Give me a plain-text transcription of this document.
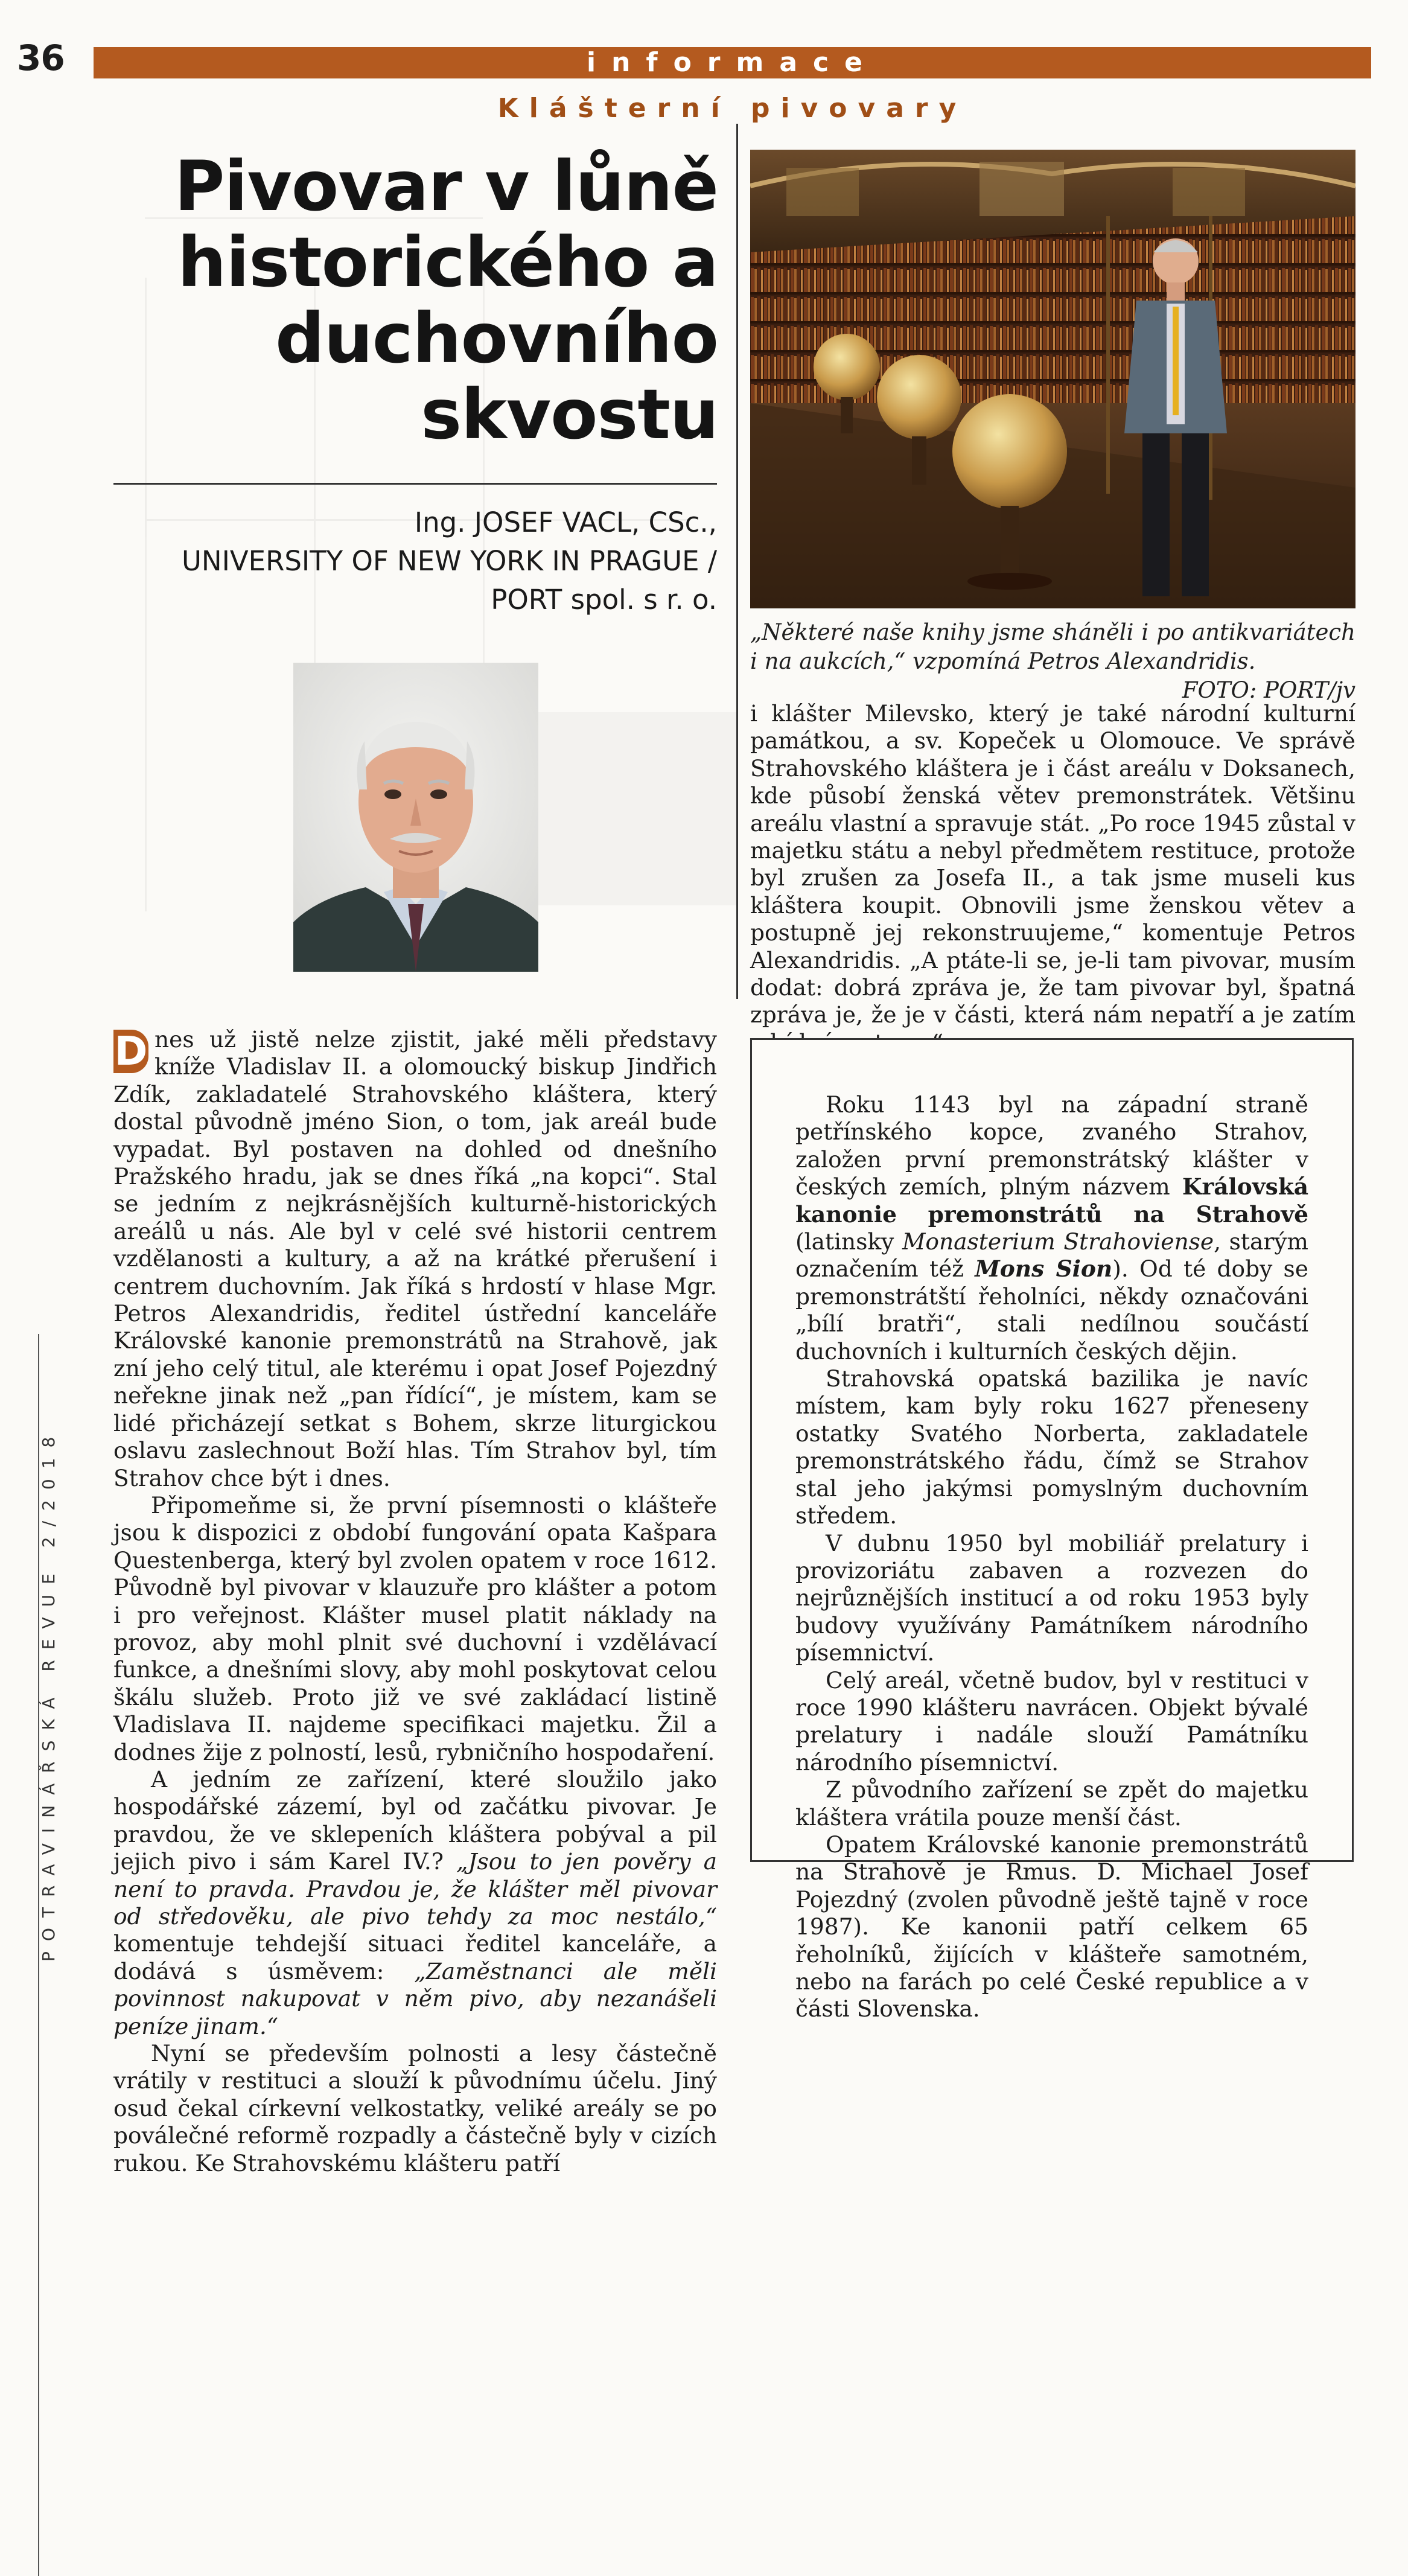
36	informace
Klášterní pivovary
Pivovar v lůně historického a duchovního skvostu
Ing. JOSEF VACL, CSc.,
UNIVERSITY OF NEW YORK IN PRAGUE /
PORT spol. s r. o.
„Některé naše knihy jsme sháněli i po antikvariátech i na aukcích,“ vzpomíná Petros Alexandridis.
FOTO: PORT/jv

i klášter Milevsko, který je také národní kulturní památkou, a sv. Kopeček u Olomouce. Ve správě Strahovského kláštera je i část areálu v Doksanech, kde působí ženská větev premonstrátek. Většinu areálu vlastní a spravuje stát. „Po roce 1945 zůstal v majetku státu a nebyl předmětem restituce, protože byl zrušen za Josefa II., a tak jsme museli kus kláštera koupit. Obnovili jsme ženskou větev a postupně jej rekonstruujeme,“ komentuje Petros Alexandridis. „A ptáte-li se, je-li tam pivovar, musím dodat: dobrá zpráva je, že tam pivovar byl, špatná zpráva je, že je v části, která nám nepatří a je zatím

D nes už jistě nelze zjistit, jaké měli představy kníže Vladislav II. a olomoucký biskup Jindřich Zdík, zakladatelé Strahovského kláštera, který dostal původně jméno Sion, o tom, jak areál bude vypadat. Byl postaven na dohled od dnešního Pražského hradu, jak se dnes říká „na kopci“. Stal se jedním z nejkrásnějších kulturně-historických areálů u nás. Ale byl v celé své historii centrem vzdělanosti a kultury, a až na krátké přerušení i centrem duchovním. Jak říká s hrdostí v hlase Mgr. Petros Alexandridis, ředitel ústřední kanceláře Královské kanonie premonstrátů na Strahově, jak zní jeho celý titul, ale kterému i opat Josef Pojezdný neřekne jinak než „pan řídící“, je místem, kam se lidé přicházejí setkat s Bohem, skrze liturgickou oslavu zaslechnout Boží hlas. Tím Strahov byl, tím Strahov chce být i dnes.

Připomeňme si, že první písemnosti o klášteře jsou k dispozici z období fungování opata Kašpara Questenberga, který byl zvolen opatem v roce 1612. Původně byl pivovar v klauzuře pro klášter a potom i pro veřejnost. Klášter musel platit náklady na provoz, aby mohl plnit své duchovní i vzdělávací funkce, a dnešními slovy, aby mohl poskytovat celou škálu služeb. Proto již ve své zakládací listině Vladislava II. najdeme specifikaci majetku. Žil a dodnes žije z polností, lesů, rybničního hospodaření.

A jedním ze zařízení, které sloužilo jako hospodářské zázemí, byl od začátku pivovar. Je pravdou, že ve sklepeních kláštera pobýval a pil jejich pivo i sám Karel IV.? „Jsou to jen pověry a není to pravda. Pravdou je, že klášter měl pivovar od středověku, ale pivo tehdy za moc nestálo,“ komentuje tehdejší situaci ředitel kanceláře, a dodává s úsměvem: „Zaměstnanci ale měli povinnost nakupovat v něm pivo, aby nezanášeli peníze jinam.“

Nyní se především polnosti a lesy částečně vrátily v restituci a slouží k původnímu účelu. Jiný osud čekal církevní velkostatky, veliké areály se po poválečné reformě rozpadly a částečně byly v cizích rukou. Ke Strahovskému klášteru patří

Roku 1143 byl na západní straně petřínského kopce, zvaného Strahov, založen první premonstrátský klášter v českých zemích, plným názvem Královská kanonie premonstrátů na Strahově (latinsky Monasterium Strahoviense, starým označením též Mons Sion). Od té doby se premonstrátští řeholníci, někdy označováni „bílí bratři“, stali nedílnou součástí duchovních i kulturních českých dějin.

Strahovská opatská bazilika je navíc místem, kam byly roku 1627 přeneseny ostatky Svatého Norberta, zakladatele premonstrátského řádu, čímž se Strahov stal jeho jakýmsi pomyslným duchovním středem.

V dubnu 1950 byl mobiliář prelatury i provizoriátu zabaven a rozvezen do nejrůznějších institucí a od roku 1953 byly budovy využívány Památníkem národního písemnictví.

Celý areál, včetně budov, byl v restituci v roce 1990 klášteru navrácen. Objekt bývalé prelatury i nadále slouží Památníku národního písemnictví.

Z původního zařízení se zpět do majetku kláštera vrátila pouze menší část.

Opatem Královské kanonie premonstrátů na Strahově je Rmus. D. Michael Josef Pojezdný (zvolen původně ještě tajně v roce 1987). Ke kanonii patří celkem 65 řeholníků, žijících v klášteře samotném, nebo na farách po celé České republice a v části Slovenska.

POTRAVINÁŘSKÁ REVUE 2/2018
